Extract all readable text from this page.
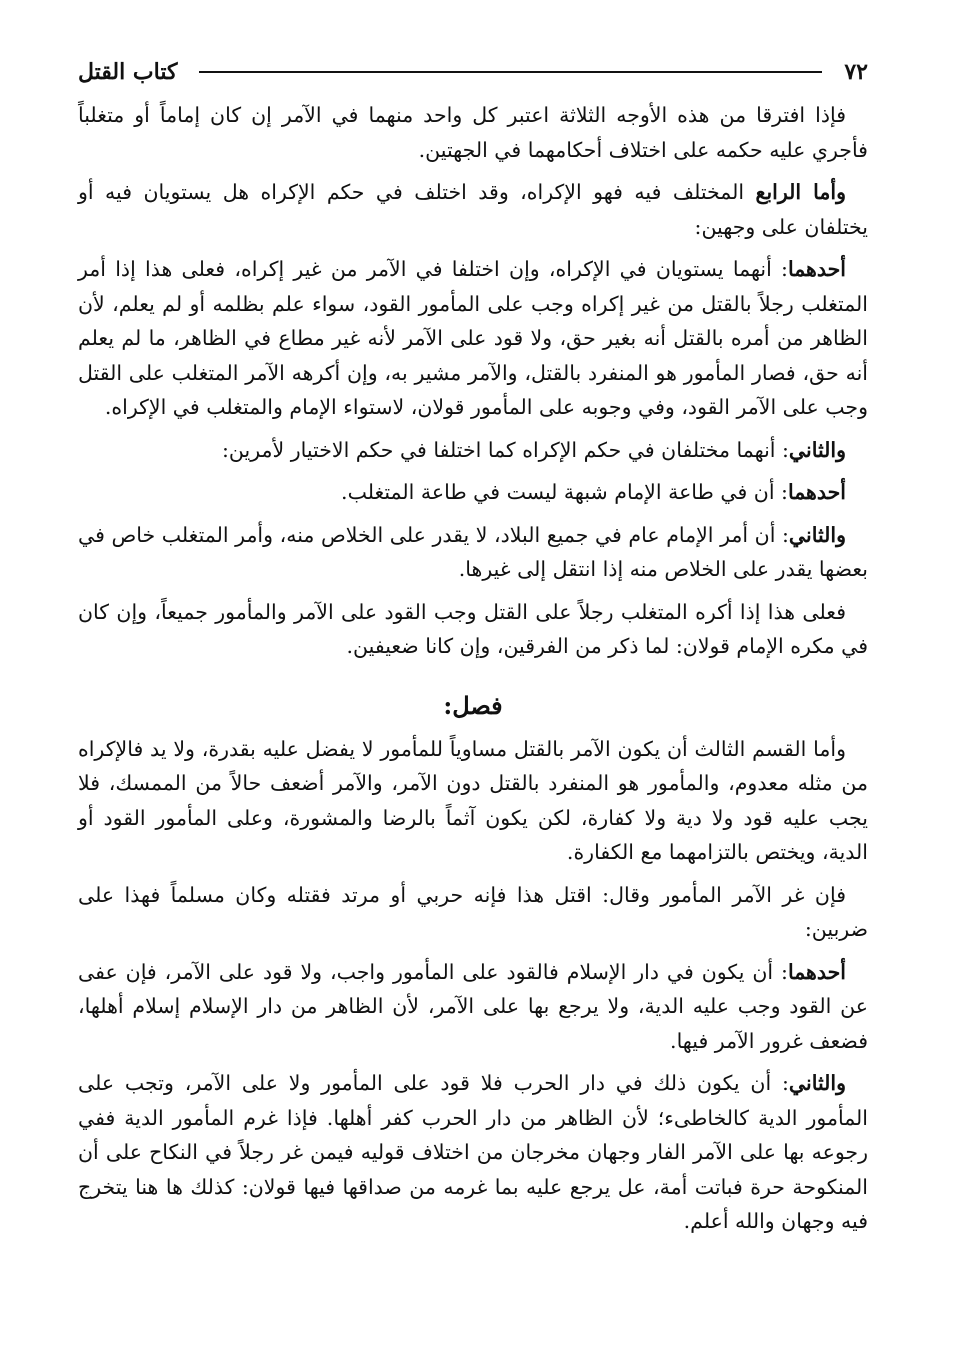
٧٢
كتاب القتل

فإذا افترقا من هذه الأوجه الثلاثة اعتبر كل واحد منهما في الآمر إن كان إماماً أو متغلباً فأجري عليه حكمه على اختلاف أحكامهما في الجهتين.

وأما الرابع المختلف فيه فهو الإكراه، وقد اختلف في حكم الإكراه هل يستويان فيه أو يختلفان على وجهين:

أحدهما: أنهما يستويان في الإكراه، وإن اختلفا في الآمر من غير إكراه، فعلى هذا إذا أمر المتغلب رجلاً بالقتل من غير إكراه وجب على المأمور القود، سواء علم بظلمه أو لم يعلم، لأن الظاهر من أمره بالقتل أنه بغير حق، ولا قود على الآمر لأنه غير مطاع في الظاهر، ما لم يعلم أنه حق، فصار المأمور هو المنفرد بالقتل، والآمر مشير به، وإن أكرهه الآمر المتغلب على القتل وجب على الآمر القود، وفي وجوبه على المأمور قولان، لاستواء الإمام والمتغلب في الإكراه.

والثاني: أنهما مختلفان في حكم الإكراه كما اختلفا في حكم الاختيار لأمرين:

أحدهما: أن في طاعة الإمام شبهة ليست في طاعة المتغلب.

والثاني: أن أمر الإمام عام في جميع البلاد، لا يقدر على الخلاص منه، وأمر المتغلب خاص في بعضها يقدر على الخلاص منه إذا انتقل إلى غيرها.

فعلى هذا إذا أكره المتغلب رجلاً على القتل وجب القود على الآمر والمأمور جميعاً، وإن كان في مكره الإمام قولان: لما ذكر من الفرقين، وإن كانا ضعيفين.

فصل:

وأما القسم الثالث أن يكون الآمر بالقتل مساوياً للمأمور لا يفضل عليه بقدرة، ولا يد فالإكراه من مثله معدوم، والمأمور هو المنفرد بالقتل دون الآمر، والآمر أضعف حالاً من الممسك، فلا يجب عليه قود ولا دية ولا كفارة، لكن يكون آثماً بالرضا والمشورة، وعلى المأمور القود أو الدية، ويختص بالتزامهما مع الكفارة.

فإن غر الآمر المأمور وقال: اقتل هذا فإنه حربي أو مرتد فقتله وكان مسلماً فهذا على ضربين:

أحدهما: أن يكون في دار الإسلام فالقود على المأمور واجب، ولا قود على الآمر، فإن عفى عن القود وجب عليه الدية، ولا يرجع بها على الآمر، لأن الظاهر من دار الإسلام إسلام أهلها، فضعف غرور الآمر فيها.

والثاني: أن يكون ذلك في دار الحرب فلا قود على المأمور ولا على الآمر، وتجب على المأمور الدية كالخاطىء؛ لأن الظاهر من دار الحرب كفر أهلها. فإذا غرم المأمور الدية ففي رجوعه بها على الآمر الفار وجهان مخرجان من اختلاف قوليه فيمن غر رجلاً في النكاح على أن المنكوحة حرة فباتت أمة، عل يرجع عليه بما غرمه من صداقها فيها قولان: كذلك ها هنا يتخرج فيه وجهان والله أعلم.
